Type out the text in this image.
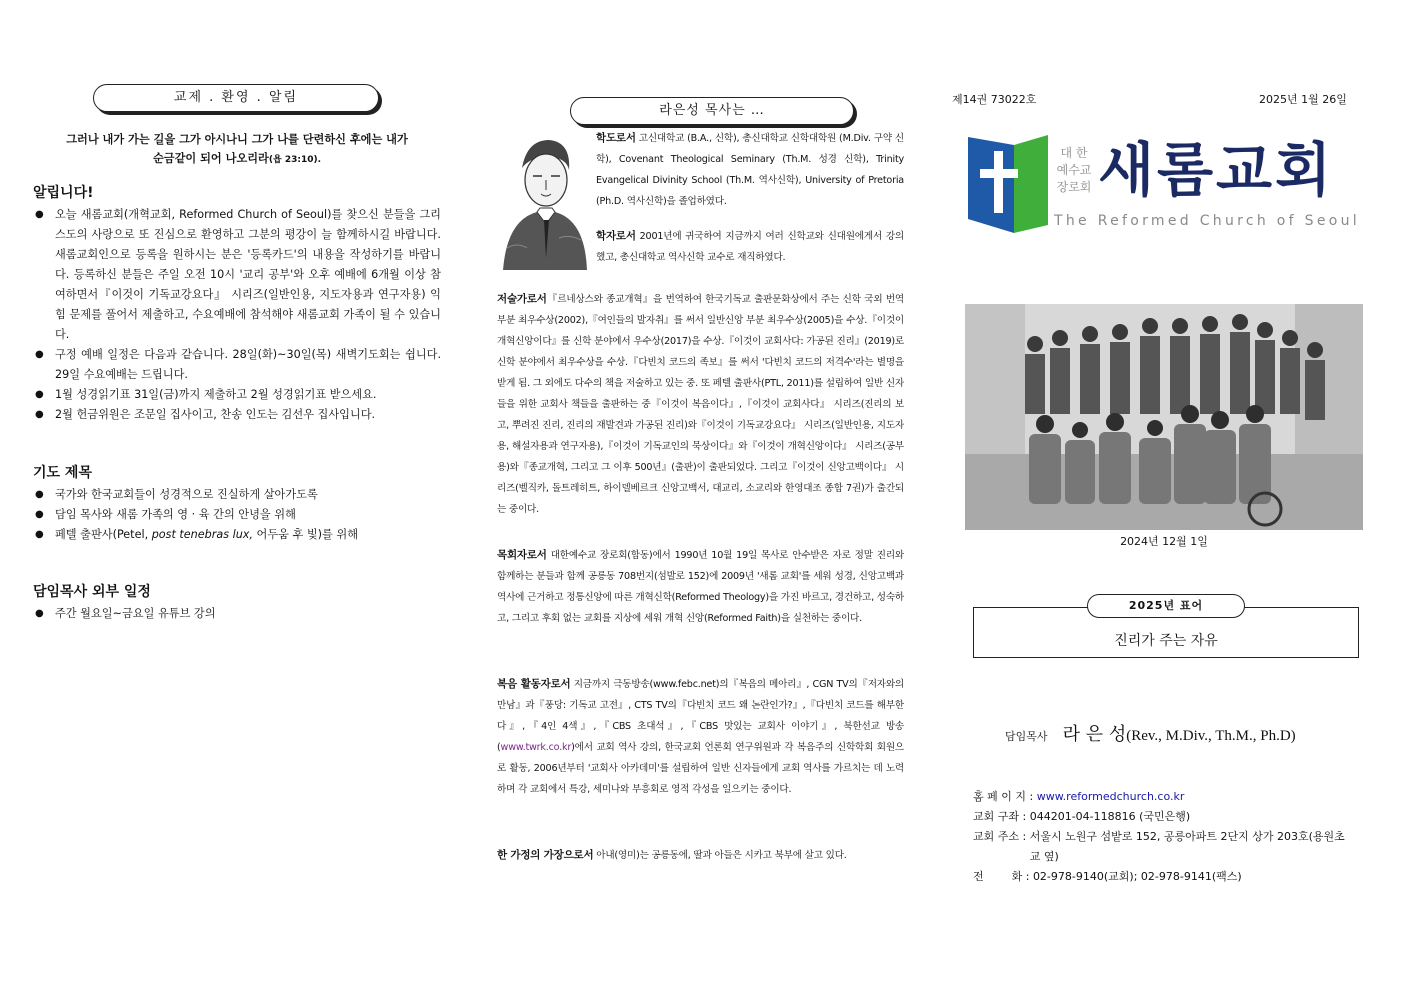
교제 . 환영 . 알림
그러나 내가 가는 길을 그가 아시나니 그가 나를 단련하신 후에는 내가
순금같이 되어 나오리라(욥 23:10).
알립니다!
● 오늘 새롬교회(개혁교회, Reformed Church of Seoul)를 찾으신 분들을 그리스도의 사랑으로 또 진심으로 환영하고 그분의 평강이 늘 함께하시길 바랍니다. 새롬교회인으로 등록을 원하시는 분은 '등록카드'의 내용을 작성하기를 바랍니다. 등록하신 분들은 주일 오전 10시 '교리 공부'와 오후 예배에 6개월 이상 참여하면서『이것이 기독교강요다』 시리즈(일반인용, 지도자용과 연구자용) 익힘 문제를 풀어서 제출하고, 수요예배에 참석해야 새롬교회 가족이 될 수 있습니다.
● 구정 예배 일정은 다음과 같습니다. 28일(화)~30일(목) 새벽기도회는 쉽니다. 29일 수요예배는 드립니다.
● 1월 성경읽기표 31일(금)까지 제출하고 2월 성경읽기표 받으세요.
● 2월 헌금위원은 조문일 집사이고, 찬송 인도는 김선우 집사입니다.
기도 제목
● 국가와 한국교회들이 성경적으로 진실하게 살아가도록
● 담임 목사와 새롬 가족의 영 · 육 간의 안녕을 위해
● 페텔 출판사(Petel, post tenebras lux, 어두움 후 빛)를 위해
담임목사 외부 일정
● 주간 월요일~금요일 유튜브 강의
라은성 목사는 …

학도로서 고신대학교 (B.A., 신학), 총신대학교 신학대학원 (M.Div. 구약 신학), Covenant Theological Seminary (Th.M. 성경 신학), Trinity Evangelical Divinity School (Th.M. 역사신학), University of Pretoria (Ph.D. 역사신학)을 졸업하였다.

학자로서 2001년에 귀국하여 지금까지 여러 신학교와 신대원에게서 강의했고, 총신대학교 역사신학 교수로 재직하였다.

저술가로서『르네상스와 종교개혁』을 번역하여 한국기독교 출판문화상에서 주는 신학 국외 번역 부분 최우수상(2002),『여인들의 발자취』를 써서 일반신앙 부분 최우수상(2005)을 수상.『이것이 개혁신앙이다』를 신학 분야에서 우수상(2017)을 수상.『이것이 교회사다: 가공된 진리』(2019)로 신학 분야에서 최우수상을 수상.『다빈치 코드의 족보』를 써서 '다빈치 코드의 저격수'라는 별명을 받게 됨. 그 외에도 다수의 책을 저술하고 있는 중. 또 페텔 출판사(PTL, 2011)를 설립하여 일반 신자들을 위한 교회사 책들을 출판하는 중『이것이 복음이다』,『이것이 교회사다』 시리즈(진리의 보고, 뿌려진 진리, 진리의 재발견과 가공된 진리)와『이것이 기독교강요다』 시리즈(일반인용, 지도자용, 해설자용과 연구자용),『이것이 기독교인의 묵상이다』와『이것이 개혁신앙이다』 시리즈(공부용)와『종교개혁, 그리고 그 이후 500년』(출판)이 출판되었다. 그리고『이것이 신앙고백이다』 시리즈(벨직카, 돌트레히트, 하이델베르크 신앙고백서, 대교리, 소교리와 한영대조 종합 7권)가 출간되는 중이다.

목회자로서 대한예수교 장로회(합동)에서 1990년 10월 19일 목사로 안수받은 자로 정말 진리와 함께하는 분들과 함께 공릉동 708번지(섬발로 152)에 2009년 '새롬 교회'를 세워 성경, 신앙고백과 역사에 근거하고 정통신앙에 따른 개혁신학(Reformed Theology)을 가진 바르고, 경건하고, 성숙하고, 그리고 후회 없는 교회를 지상에 세워 개혁 신앙(Reformed Faith)을 실천하는 중이다.

복음 활동자로서 지금까지 극동방송(www.febc.net)의『복음의 메아리』, CGN TV의『저자와의 만남』과『풍당: 기독교 고전』, CTS TV의『다빈치 코드 왜 논란인가?』,『다빈치 코드를 해부한다』,『4인 4색』,『CBS 초대석』,『CBS 맛있는 교회사 이야기』, 북한선교 방송(www.twrk.co.kr)에서 교회 역사 강의, 한국교회 언론회 연구위원과 각 복음주의 신학학회 회원으로 활동, 2006년부터 '교회사 아카데미'를 설립하여 일반 신자들에게 교회 역사를 가르치는 데 노력하며 각 교회에서 특강, 세미나와 부흥회로 영적 각성을 일으키는 중이다.

한 가정의 가장으로서 아내(영미)는 공릉동에, 딸과 아들은 시카고 북부에 살고 있다.

제14권 73022호	2025년 1월 26일
대 한
예수교
장로회 새롬교회
The Reformed Church of Seoul
2024년 12월 1일
2025년 표어
진리가 주는 자유
담임목사 라 은 성(Rev., M.Div., Th.M., Ph.D)
홈 페 이 지 : www.reformedchurch.co.kr
교회 구좌 : 044201-04-118816 (국민은행)
교회 주소 : 서울시 노원구 섬밭로 152, 공릉아파트 2단지 상가 203호(용원초교 옆)
전        화 : 02-978-9140(교회); 02-978-9141(팩스)
